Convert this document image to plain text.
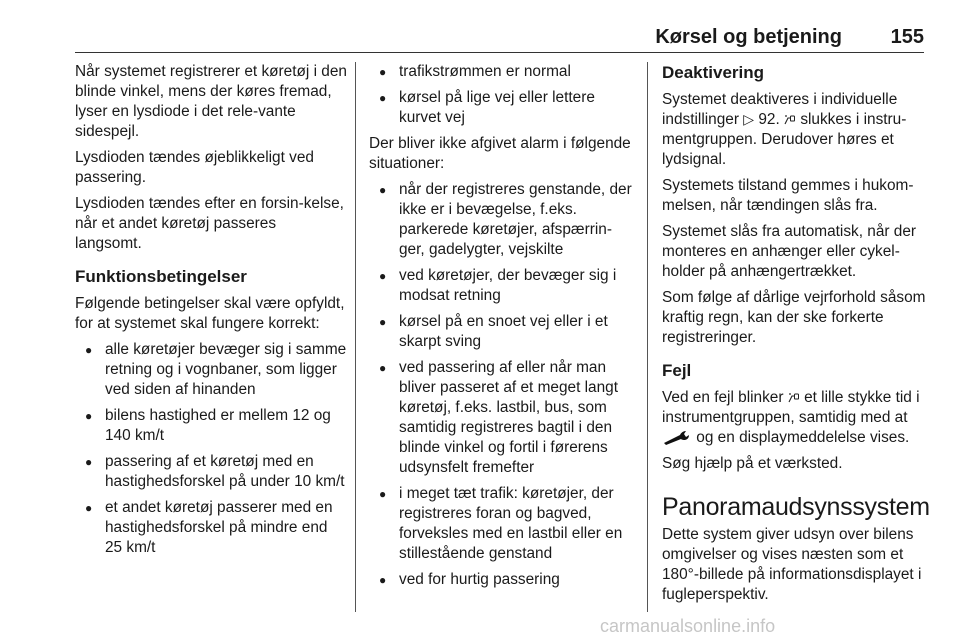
Kørsel og betjening 155

Når systemet registrerer et køretøj i den blinde vinkel, mens der køres fremad, lyser en lysdiode i det rele-vante sidespejl.

Lysdioden tændes øjeblikkeligt ved passering.

Lysdioden tændes efter en forsin-kelse, når et andet køretøj passeres langsomt.

Funktionsbetingelser

Følgende betingelser skal være opfyldt, for at systemet skal fungere korrekt:

● alle køretøjer bevæger sig i samme retning og i vognbaner, som ligger ved siden af hinanden
● bilens hastighed er mellem 12 og 140 km/t
● passering af et køretøj med en hastighedsforskel på under 10 km/t
● et andet køretøj passerer med en hastighedsforskel på mindre end 25 km/t
● trafikstrømmen er normal
● kørsel på lige vej eller lettere kurvet vej

Der bliver ikke afgivet alarm i følgende situationer:

● når der registreres genstande, der ikke er i bevægelse, f.eks. parkerede køretøjer, afspærrin-ger, gadelygter, vejskilte
● ved køretøjer, der bevæger sig i modsat retning
● kørsel på en snoet vej eller i et skarpt sving
● ved passering af eller når man bliver passeret af et meget langt køretøj, f.eks. lastbil, bus, som samtidig registreres bagtil i den blinde vinkel og fortil i førerens udsynsfelt fremefter
● i meget tæt trafik: køretøjer, der registreres foran og bagved, forveksles med en lastbil eller en stillestående genstand
● ved for hurtig passering
Deaktivering

Systemet deaktiveres i individuelle indstillinger ▷ 92. slukkes i instru-mentgruppen. Derudover høres et lydsignal.

Systemets tilstand gemmes i hukom-melsen, når tændingen slås fra.

Systemet slås fra automatisk, når der monteres en anhænger eller cykel-holder på anhængertrækket.

Som følge af dårlige vejrforhold såsom kraftig regn, kan der ske forkerte registreringer.

Fejl

Ved en fejl blinker et lille stykke tid i instrumentgruppen, samtidig med at  og en displaymeddelelse vises.

Søg hjælp på et værksted.

Panoramaudsynssystem

Dette system giver udsyn over bilens omgivelser og vises næsten som et 180°-billede på informationsdisplayet i fugleperspektiv.

carmanualsonline.info
